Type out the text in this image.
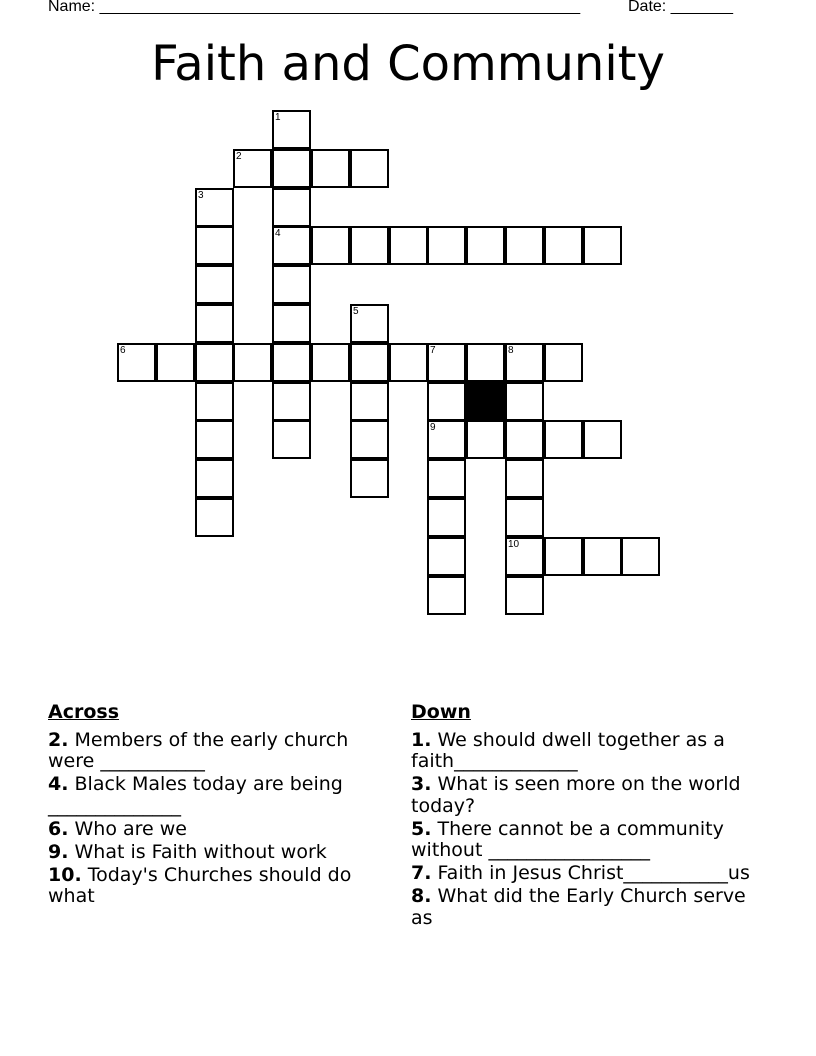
Name: ______________________________________________________	Date: _______
Faith and Community
1
2
3
4
5
6	7	8
9
10
Across
2. Members of the early church were ___________
4. Black Males today are being ______________
6. Who are we
9. What is Faith without work
10. Today's Churches should do what
Down
1. We should dwell together as a faith_____________
3. What is seen more on the world today?
5. There cannot be a community without _________________
7. Faith in Jesus Christ___________us
8. What did the Early Church serve as
